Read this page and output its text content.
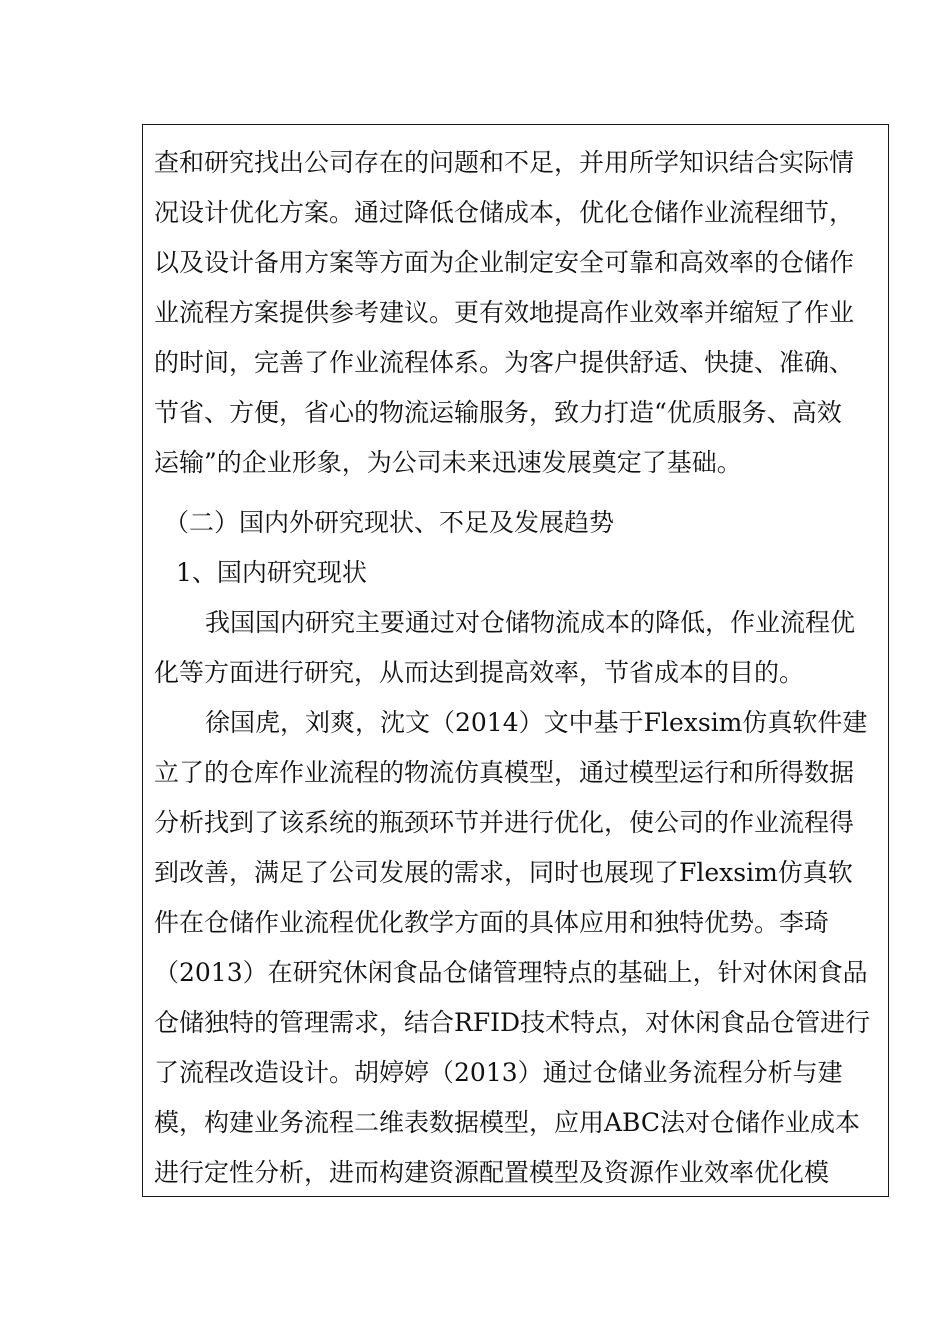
查和研究找出公司存在的问题和不足，并用所学知识结合实际情
况设计优化方案。通过降低仓储成本，优化仓储作业流程细节，
以及设计备用方案等方面为企业制定安全可靠和高效率的仓储作
业流程方案提供参考建议。更有效地提高作业效率并缩短了作业
的时间，完善了作业流程体系。为客户提供舒适、快捷、准确、
节省、方便，省心的物流运输服务，致力打造“优质服务、高效
运输”的企业形象，为公司未来迅速发展奠定了基础。
（二）国内外研究现状、不足及发展趋势
1、国内研究现状
我国国内研究主要通过对仓储物流成本的降低，作业流程优
化等方面进行研究，从而达到提高效率，节省成本的目的。
徐国虎，刘爽，沈文（2014）文中基于Flexsim仿真软件建
立了的仓库作业流程的物流仿真模型，通过模型运行和所得数据
分析找到了该系统的瓶颈环节并进行优化，使公司的作业流程得
到改善，满足了公司发展的需求，同时也展现了Flexsim仿真软
件在仓储作业流程优化教学方面的具体应用和独特优势。李琦
（2013）在研究休闲食品仓储管理特点的基础上，针对休闲食品
仓储独特的管理需求，结合RFID技术特点，对休闲食品仓管进行
了流程改造设计。胡婷婷（2013）通过仓储业务流程分析与建
模，构建业务流程二维表数据模型，应用ABC法对仓储作业成本
进行定性分析，进而构建资源配置模型及资源作业效率优化模
